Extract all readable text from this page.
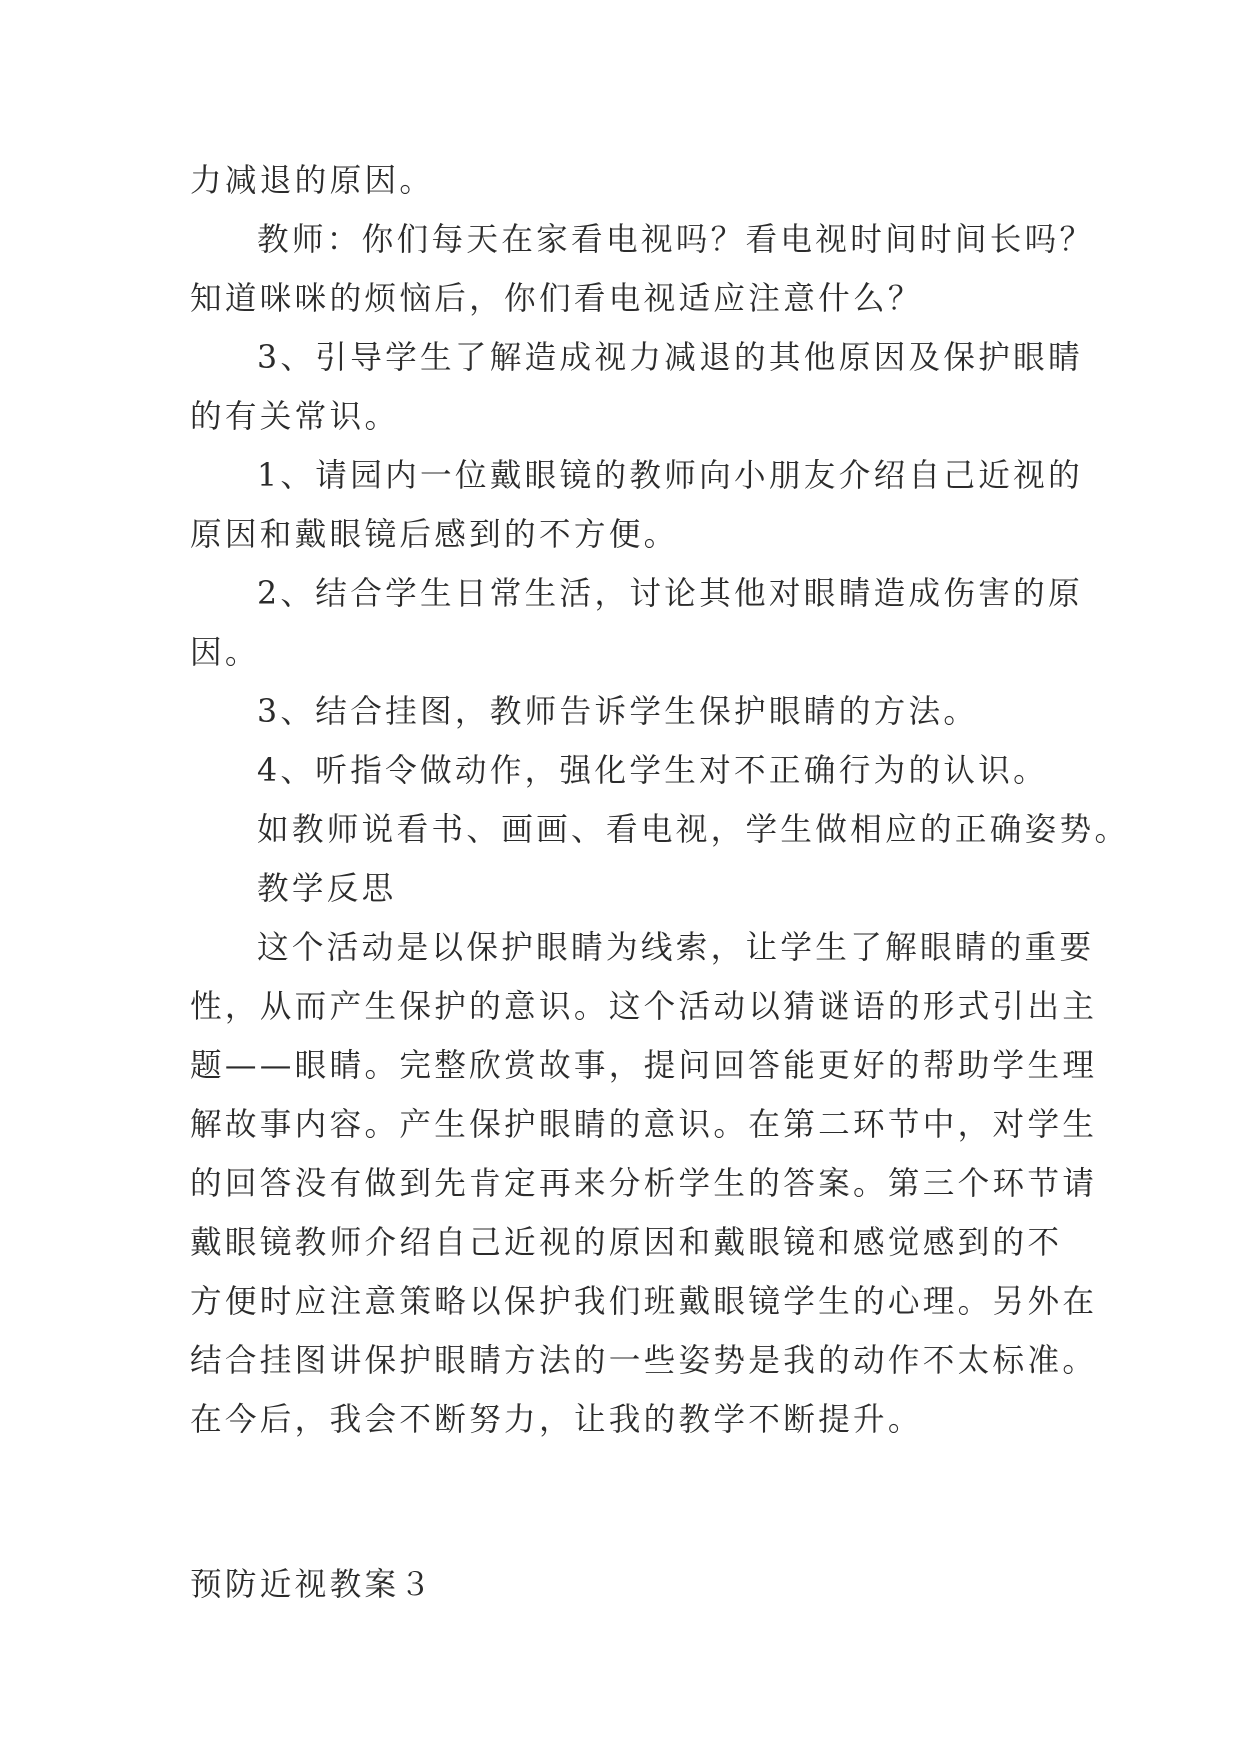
力减退的原因。
教师：你们每天在家看电视吗？看电视时间时间长吗？
知道咪咪的烦恼后，你们看电视适应注意什么？
3、引导学生了解造成视力减退的其他原因及保护眼睛
的有关常识。
1、请园内一位戴眼镜的教师向小朋友介绍自己近视的
原因和戴眼镜后感到的不方便。
2、结合学生日常生活，讨论其他对眼睛造成伤害的原
因。
3、结合挂图，教师告诉学生保护眼睛的方法。
4、听指令做动作，强化学生对不正确行为的认识。
如教师说看书、画画、看电视，学生做相应的正确姿势。
教学反思
这个活动是以保护眼睛为线索，让学生了解眼睛的重要
性，从而产生保护的意识。这个活动以猜谜语的形式引出主
题——眼睛。完整欣赏故事，提问回答能更好的帮助学生理
解故事内容。产生保护眼睛的意识。在第二环节中，对学生
的回答没有做到先肯定再来分析学生的答案。第三个环节请
戴眼镜教师介绍自己近视的原因和戴眼镜和感觉感到的不
方便时应注意策略以保护我们班戴眼镜学生的心理。另外在
结合挂图讲保护眼睛方法的一些姿势是我的动作不太标准。
在今后，我会不断努力，让我的教学不断提升。
预防近视教案３
